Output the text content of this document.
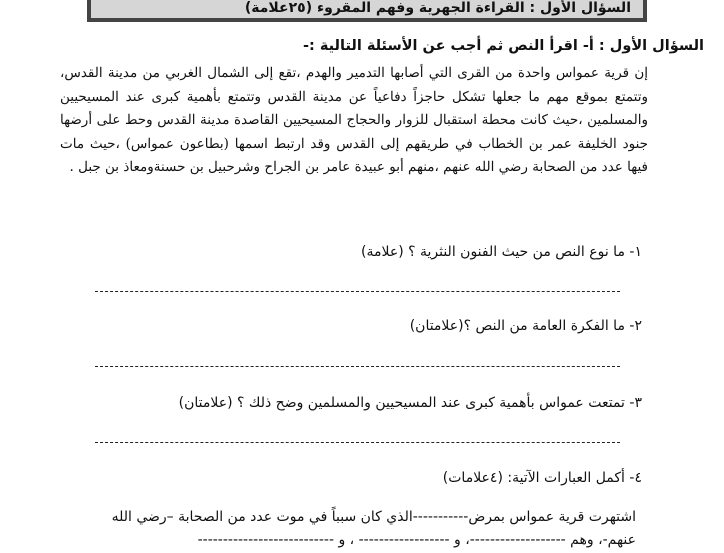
السؤال الأول : القراءة الجهرية وفهم المقروء (٢٥علامة)
السؤال الأول : أ- اقرأ النص ثم أجب عن الأسئلة التالية :-

إن قرية عمواس واحدة من القرى التي أصابها التدمير والهدم ،تقع إلى الشمال الغربي من مدينة القدس، وتتمتع بموقع مهم ما جعلها تشكل حاجزاً دفاعياً عن مدينة القدس وتتمتع بأهمية كبرى عند المسيحيين والمسلمين ،حيث كانت محطة استقبال للزوار والحجاج المسيحيين القاصدة مدينة القدس وحط على أرضها جنود الخليفة عمر بن الخطاب في طريقهم إلى القدس وقد ارتبط اسمها (بطاعون عمواس) ،حيث مات فيها عدد من الصحابة رضي الله عنهم ،منهم أبو عبيدة عامر بن الجراح وشرحبيل بن حسنةومعاذ بن جبل .

١- ما نوع النص من حيث الفنون النثرية ؟ (علامة)
٢- ما الفكرة العامة من النص ؟(علامتان)
٣- تمتعت عمواس بأهمية كبرى عند المسيحيين والمسلمين وضح ذلك ؟ (علامتان)
٤- أكمل العبارات الآتية: (٤علامات)
اشتهرت قرية عمواس بمرض-----------الذي كان سبباً في موت عدد من الصحابة –رضي الله
عنهم-، وهم -------------------، و ------------------ ، و ---------------------------
